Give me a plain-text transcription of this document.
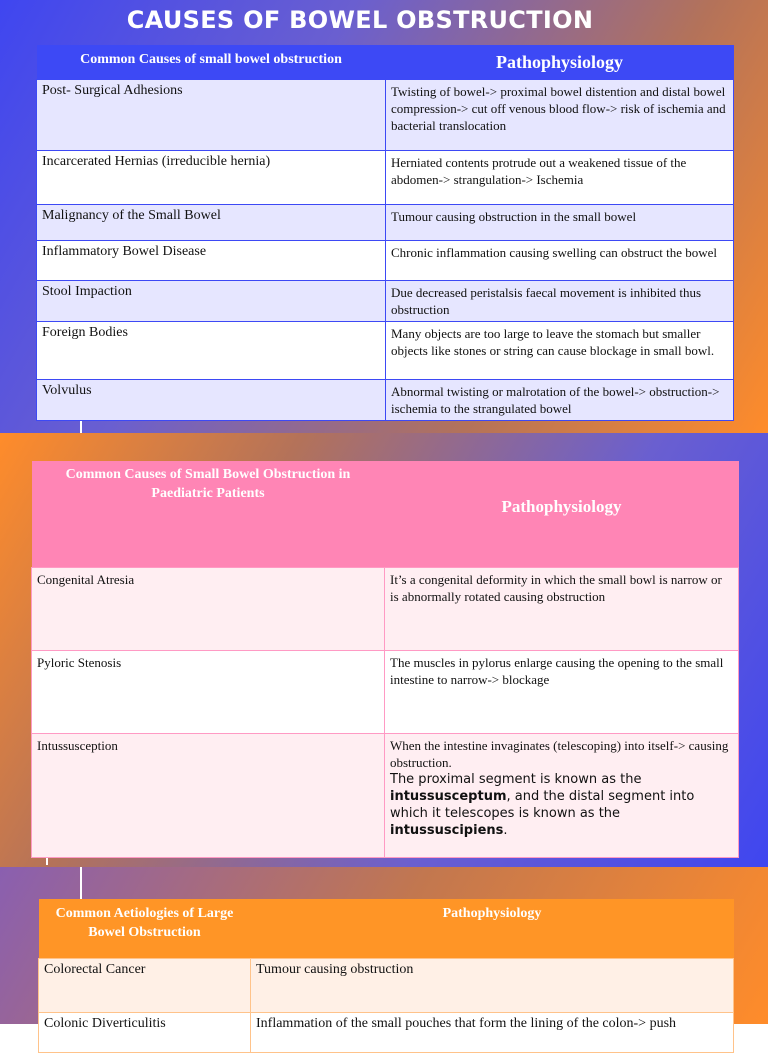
CAUSES OF BOWEL OBSTRUCTION
Common Causes of small bowel obstruction	Pathophysiology
Post- Surgical Adhesions	Twisting of bowel-> proximal bowel distention and distal bowel compression-> cut off venous blood flow-> risk of ischemia and bacterial translocation
Incarcerated Hernias (irreducible hernia)	Herniated contents protrude out a weakened tissue of the abdomen-> strangulation-> Ischemia
Malignancy of the Small Bowel	Tumour causing obstruction in the small bowel
Inflammatory Bowel Disease	Chronic inflammation causing swelling can obstruct the bowel
Stool Impaction	Due decreased peristalsis faecal movement is inhibited thus obstruction
Foreign Bodies	Many objects are too large to leave the stomach but smaller objects like stones or string can cause blockage in small bowl.
Volvulus	Abnormal twisting or malrotation of the bowel-> obstruction-> ischemia to the strangulated bowel
Common Causes of Small Bowel Obstruction in Paediatric Patients	Pathophysiology
Congenital Atresia	It’s a congenital deformity in which the small bowl is narrow or is abnormally rotated causing obstruction
Pyloric Stenosis	The muscles in pylorus enlarge causing the opening to the small intestine to narrow-> blockage
Intussusception	When the intestine invaginates (telescoping) into itself-> causing obstruction.
The proximal segment is known as the intussusceptum, and the distal segment into which it telescopes is known as the intussuscipiens.
Common Aetiologies of Large Bowel Obstruction	Pathophysiology
Colorectal Cancer	Tumour causing obstruction
Colonic Diverticulitis	Inflammation of the small pouches that form the lining of the colon-> push
